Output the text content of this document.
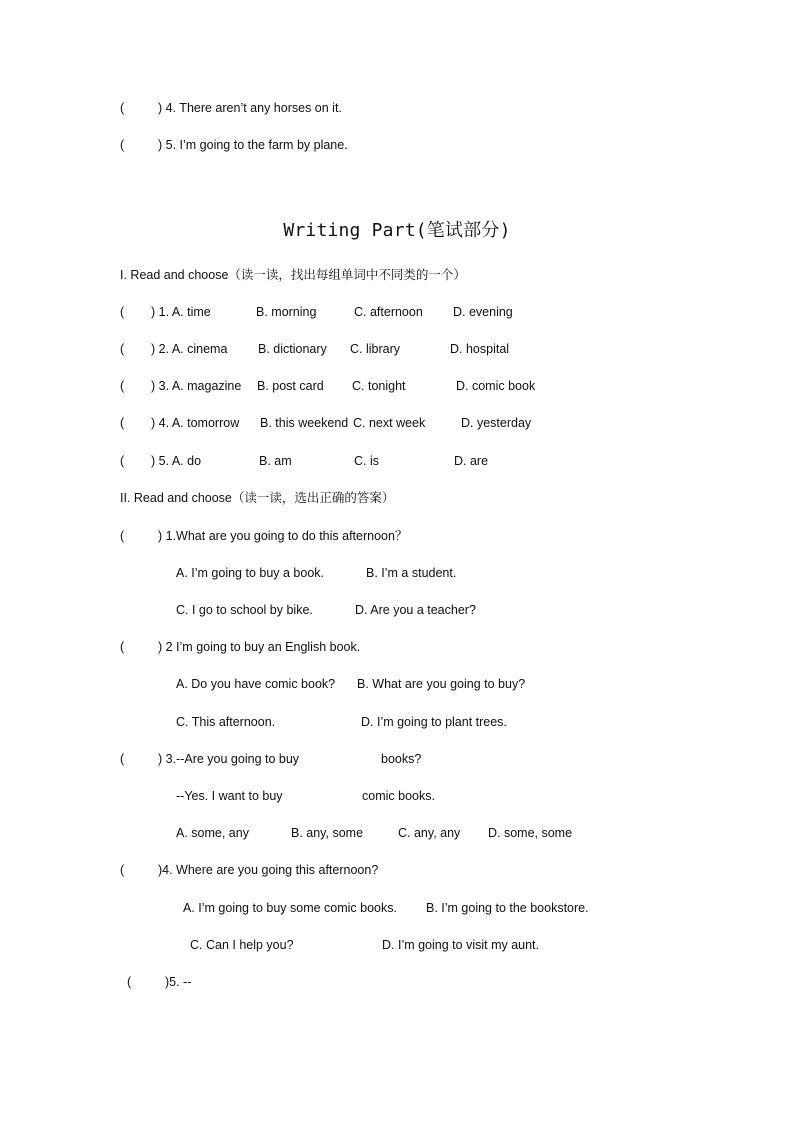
(	) 4. There aren’t any horses on it.
(	) 5. I’m going to the farm by plane.
Writing Part(笔试部分)
I. Read and choose（读一读，找出每组单词中不同类的一个）
( ) 1. A. time	B. morning	C. afternoon D. evening
( ) 2. A. cinema B. dictionary C. library	D. hospital
( ) 3. A. magazine B. post card C. tonight	D. comic book
( ) 4. A. tomorrow B. this weekend C. next week	D. yesterday
( ) 5. A. do	B. am	C. is	D. are
II. Read and choose（读一读，选出正确的答案）
(	) 1.What are you going to do this afternoon？
A. I’m going to buy a book.	B. I’m a student.
C. I go to school by bike.	D. Are you a teacher?
(	) 2 I’m going to buy an English book.
A. Do you have comic book? B. What are you going to buy?
C. This afternoon.	D. I’m going to plant trees.
(	) 3.--Are you going to buy	books?
--Yes. I want to buy	comic books.
A. some, any	B. any, some	C. any, any D. some, some
(	)4. Where are you going this afternoon?
A. I’m going to buy some comic books. B. I’m going to the bookstore.
C. Can I help you?	D. I’m going to visit my aunt.
(	)5. --
